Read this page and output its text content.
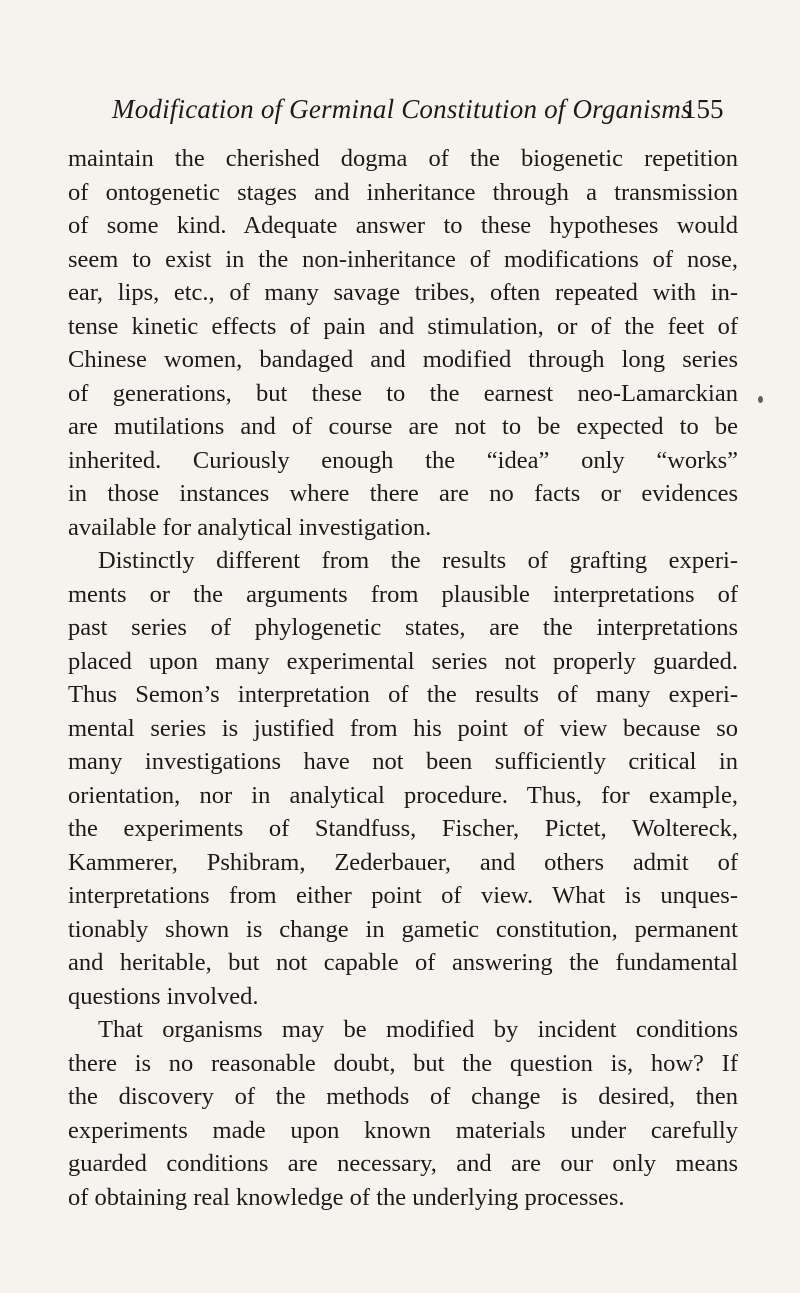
Modification of Germinal Constitution of Organisms
155
maintain the cherished dogma of the biogenetic repetition
of ontogenetic stages and inheritance through a transmission
of some kind. Adequate answer to these hypotheses would
seem to exist in the non-inheritance of modifications of nose,
ear, lips, etc., of many savage tribes, often repeated with in-
tense kinetic effects of pain and stimulation, or of the feet of
Chinese women, bandaged and modified through long series
of generations, but these to the earnest neo-Lamarckian
are mutilations and of course are not to be expected to be
inherited. Curiously enough the “idea” only “works”
in those instances where there are no facts or evidences
available for analytical investigation.
Distinctly different from the results of grafting experi-
ments or the arguments from plausible interpretations of
past series of phylogenetic states, are the interpretations
placed upon many experimental series not properly guarded.
Thus Semon’s interpretation of the results of many experi-
mental series is justified from his point of view because so
many investigations have not been sufficiently critical in
orientation, nor in analytical procedure. Thus, for example,
the experiments of Standfuss, Fischer, Pictet, Woltereck,
Kammerer, Pshibram, Zederbauer, and others admit of
interpretations from either point of view. What is unques-
tionably shown is change in gametic constitution, permanent
and heritable, but not capable of answering the fundamental
questions involved.
That organisms may be modified by incident conditions
there is no reasonable doubt, but the question is, how? If
the discovery of the methods of change is desired, then
experiments made upon known materials under carefully
guarded conditions are necessary, and are our only means
of obtaining real knowledge of the underlying processes.
